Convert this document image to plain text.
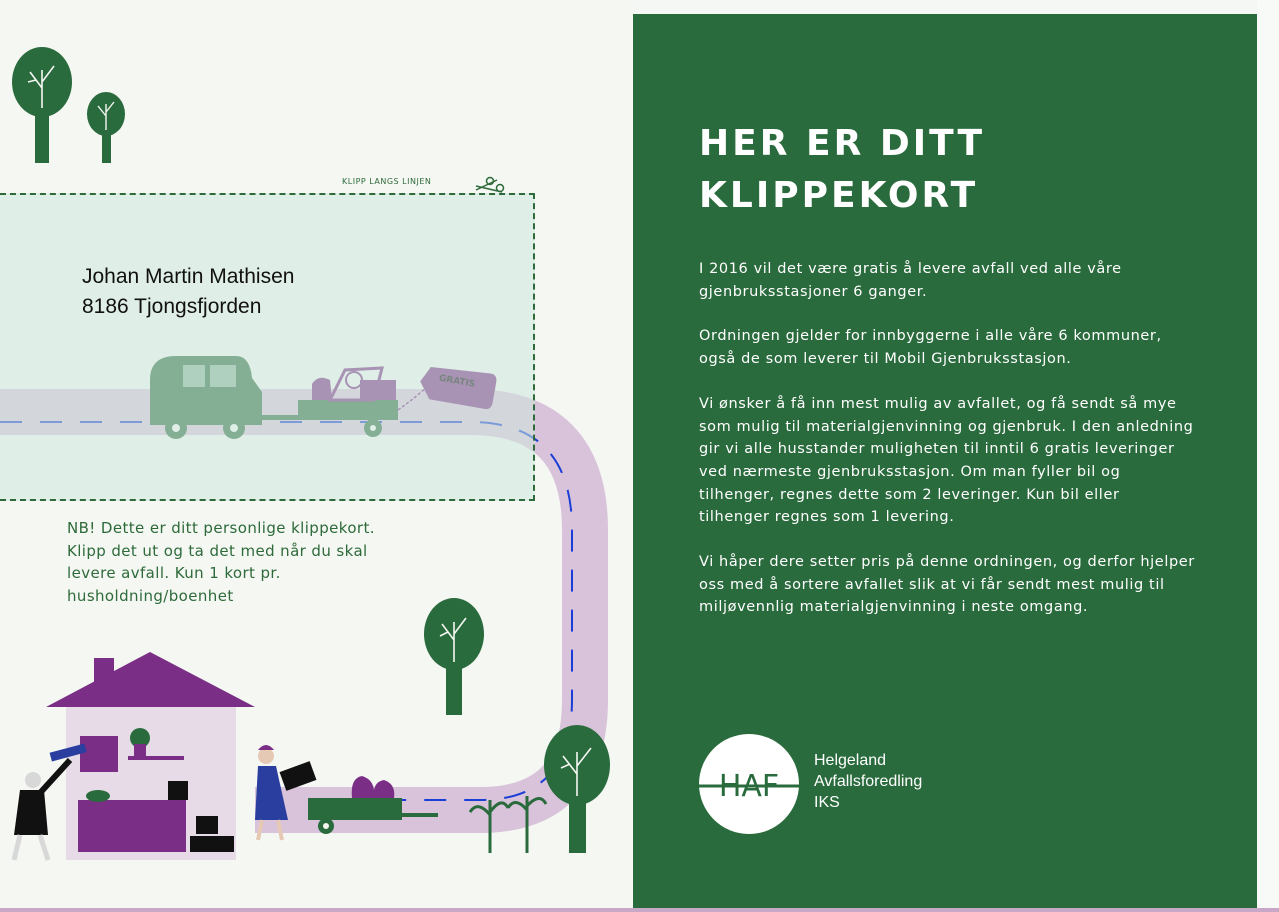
KLIPP LANGS LINJEN
Johan Martin Mathisen
8186 Tjongsfjorden
NB! Dette er ditt personlige klippekort.
Klipp det ut og ta det med når du skal
levere avfall. Kun 1 kort pr.
husholdning/boenhet
HER ER DITT
KLIPPEKORT

I 2016 vil det være gratis å levere avfall ved alle våre gjenbruksstasjoner 6 ganger.

Ordningen gjelder for innbyggerne i alle våre 6 kommuner, også de som leverer til Mobil Gjenbruksstasjon.

Vi ønsker å få inn mest mulig av avfallet, og få sendt så mye som mulig til materialgjenvinning og gjenbruk. I den anledning gir vi alle husstander muligheten til inntil 6 gratis leveringer ved nærmeste gjenbruksstasjon. Om man fyller bil og tilhenger, regnes dette som 2 leveringer. Kun bil eller tilhenger regnes som 1 levering.

Vi håper dere setter pris på denne ordningen, og derfor hjelper oss med å sortere avfallet slik at vi får sendt mest mulig til miljøvennlig materialgjenvinning i neste omgang.

HAF
Helgeland
Avfallsforedling
IKS
